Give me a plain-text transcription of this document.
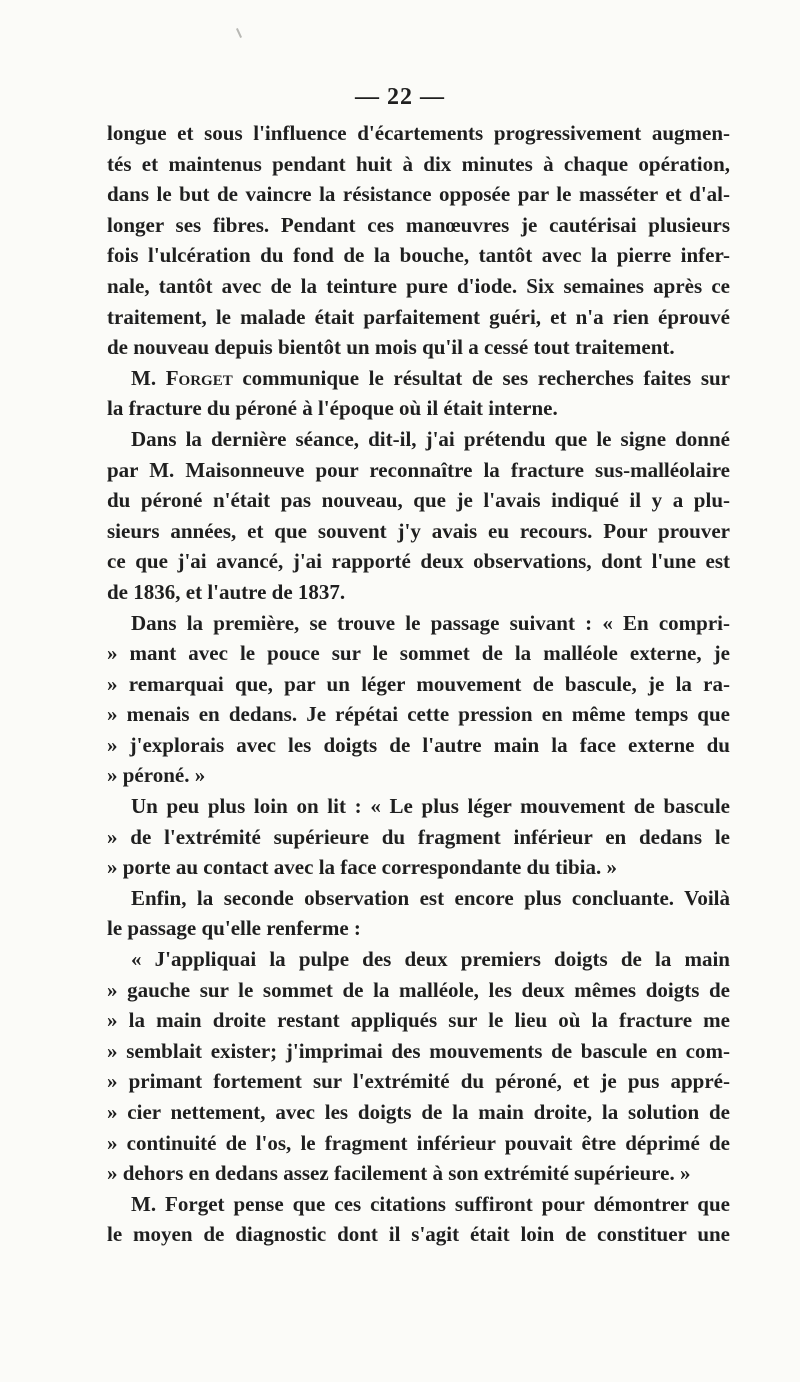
— 22 —
longue et sous l'influence d'écartements progressivement augmen-
tés et maintenus pendant huit à dix minutes à chaque opération,
dans le but de vaincre la résistance opposée par le masséter et d'al-
longer ses fibres. Pendant ces manœuvres je cautérisai plusieurs
fois l'ulcération du fond de la bouche, tantôt avec la pierre infer-
nale, tantôt avec de la teinture pure d'iode. Six semaines après ce
traitement, le malade était parfaitement guéri, et n'a rien éprouvé
de nouveau depuis bientôt un mois qu'il a cessé tout traitement.
M. Forget communique le résultat de ses recherches faites sur
la fracture du péroné à l'époque où il était interne.
Dans la dernière séance, dit-il, j'ai prétendu que le signe donné
par M. Maisonneuve pour reconnaître la fracture sus-malléolaire
du péroné n'était pas nouveau, que je l'avais indiqué il y a plu-
sieurs années, et que souvent j'y avais eu recours. Pour prouver
ce que j'ai avancé, j'ai rapporté deux observations, dont l'une est
de 1836, et l'autre de 1837.
Dans la première, se trouve le passage suivant : « En compri-
» mant avec le pouce sur le sommet de la malléole externe, je
» remarquai que, par un léger mouvement de bascule, je la ra-
» menais en dedans. Je répétai cette pression en même temps que
» j'explorais avec les doigts de l'autre main la face externe du
» péroné. »
Un peu plus loin on lit : « Le plus léger mouvement de bascule
» de l'extrémité supérieure du fragment inférieur en dedans le
» porte au contact avec la face correspondante du tibia. »
Enfin, la seconde observation est encore plus concluante. Voilà
le passage qu'elle renferme :
« J'appliquai la pulpe des deux premiers doigts de la main
» gauche sur le sommet de la malléole, les deux mêmes doigts de
» la main droite restant appliqués sur le lieu où la fracture me
» semblait exister; j'imprimai des mouvements de bascule en com-
» primant fortement sur l'extrémité du péroné, et je pus appré-
» cier nettement, avec les doigts de la main droite, la solution de
» continuité de l'os, le fragment inférieur pouvait être déprimé de
» dehors en dedans assez facilement à son extrémité supérieure. »
M. Forget pense que ces citations suffiront pour démontrer que
le moyen de diagnostic dont il s'agit était loin de constituer une
